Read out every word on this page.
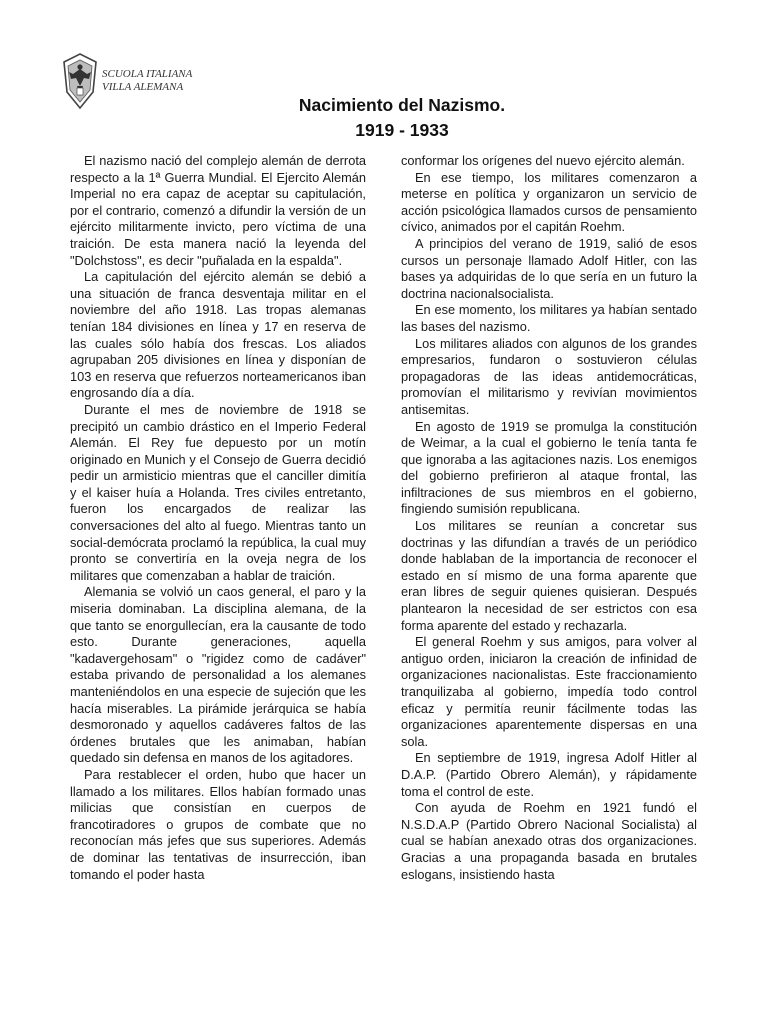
SCUOLA ITALIANA
VILLA ALEMANA
Nacimiento del Nazismo.
1919 - 1933

El nazismo nació del complejo alemán de derrota respecto a la 1ª Guerra Mundial. El Ejercito Alemán Imperial no era capaz de aceptar su capitulación, por el contrario, comenzó a difundir la versión de un ejército militarmente invicto, pero víctima de una traición. De esta manera nació la leyenda del "Dolchstoss", es decir "puñalada en la espalda".

La capitulación del ejército alemán se debió a una situación de franca desventaja militar en el noviembre del año 1918. Las tropas alemanas tenían 184 divisiones en línea y 17 en reserva de las cuales sólo había dos frescas. Los aliados agrupaban 205 divisiones en línea y disponían de 103 en reserva que refuerzos norteamericanos iban engrosando día a día.

Durante el mes de noviembre de 1918 se precipitó un cambio drástico en el Imperio Federal Alemán. El Rey fue depuesto por un motín originado en Munich y el Consejo de Guerra decidió pedir un armisticio mientras que el canciller dimitía y el kaiser huía a Holanda. Tres civiles entretanto, fueron los encargados de realizar las conversaciones del alto al fuego. Mientras tanto un social-demócrata proclamó la república, la cual muy pronto se convertiría en la oveja negra de los militares que comenzaban a hablar de traición.

Alemania se volvió un caos general, el paro y la miseria dominaban. La disciplina alemana, de la que tanto se enorgullecían, era la causante de todo esto. Durante generaciones, aquella "kadavergehosam" o "rigidez como de cadáver" estaba privando de personalidad a los alemanes manteniéndolos en una especie de sujeción que les hacía miserables. La pirámide jerárquica se había desmoronado y aquellos cadáveres faltos de las órdenes brutales que les animaban, habían quedado sin defensa en manos de los agitadores.

Para restablecer el orden, hubo que hacer un llamado a los militares. Ellos habían formado unas milicias que consistían en cuerpos de francotiradores o grupos de combate que no reconocían más jefes que sus superiores. Además de dominar las tentativas de insurrección, iban tomando el poder hasta

conformar los orígenes del nuevo ejército alemán.

En ese tiempo, los militares comenzaron a meterse en política y organizaron un servicio de acción psicológica llamados cursos de pensamiento cívico, animados por el capitán Roehm.

A principios del verano de 1919, salió de esos cursos un personaje llamado Adolf Hitler, con las bases ya adquiridas de lo que sería en un futuro la doctrina nacionalsocialista.

En ese momento, los militares ya habían sentado las bases del nazismo.

Los militares aliados con algunos de los grandes empresarios, fundaron o sostuvieron células propagadoras de las ideas antidemocráticas, promovían el militarismo y revivían movimientos antisemitas.

En agosto de 1919 se promulga la constitución de Weimar, a la cual el gobierno le tenía tanta fe que ignoraba a las agitaciones nazis. Los enemigos del gobierno prefirieron al ataque frontal, las infiltraciones de sus miembros en el gobierno, fingiendo sumisión republicana.

Los militares se reunían a concretar sus doctrinas y las difundían a través de un periódico donde hablaban de la importancia de reconocer el estado en sí mismo de una forma aparente que eran libres de seguir quienes quisieran. Después plantearon la necesidad de ser estrictos con esa forma aparente del estado y rechazarla.

El general Roehm y sus amigos, para volver al antiguo orden, iniciaron la creación de infinidad de organizaciones nacionalistas. Este fraccionamiento tranquilizaba al gobierno, impedía todo control eficaz y permitía reunir fácilmente todas las organizaciones aparentemente dispersas en una sola.

En septiembre de 1919, ingresa Adolf Hitler al D.A.P. (Partido Obrero Alemán), y rápidamente toma el control de este.

Con ayuda de Roehm en 1921 fundó el N.S.D.A.P (Partido Obrero Nacional Socialista) al cual se habían anexado otras dos organizaciones. Gracias a una propaganda basada en brutales eslogans, insistiendo hasta
